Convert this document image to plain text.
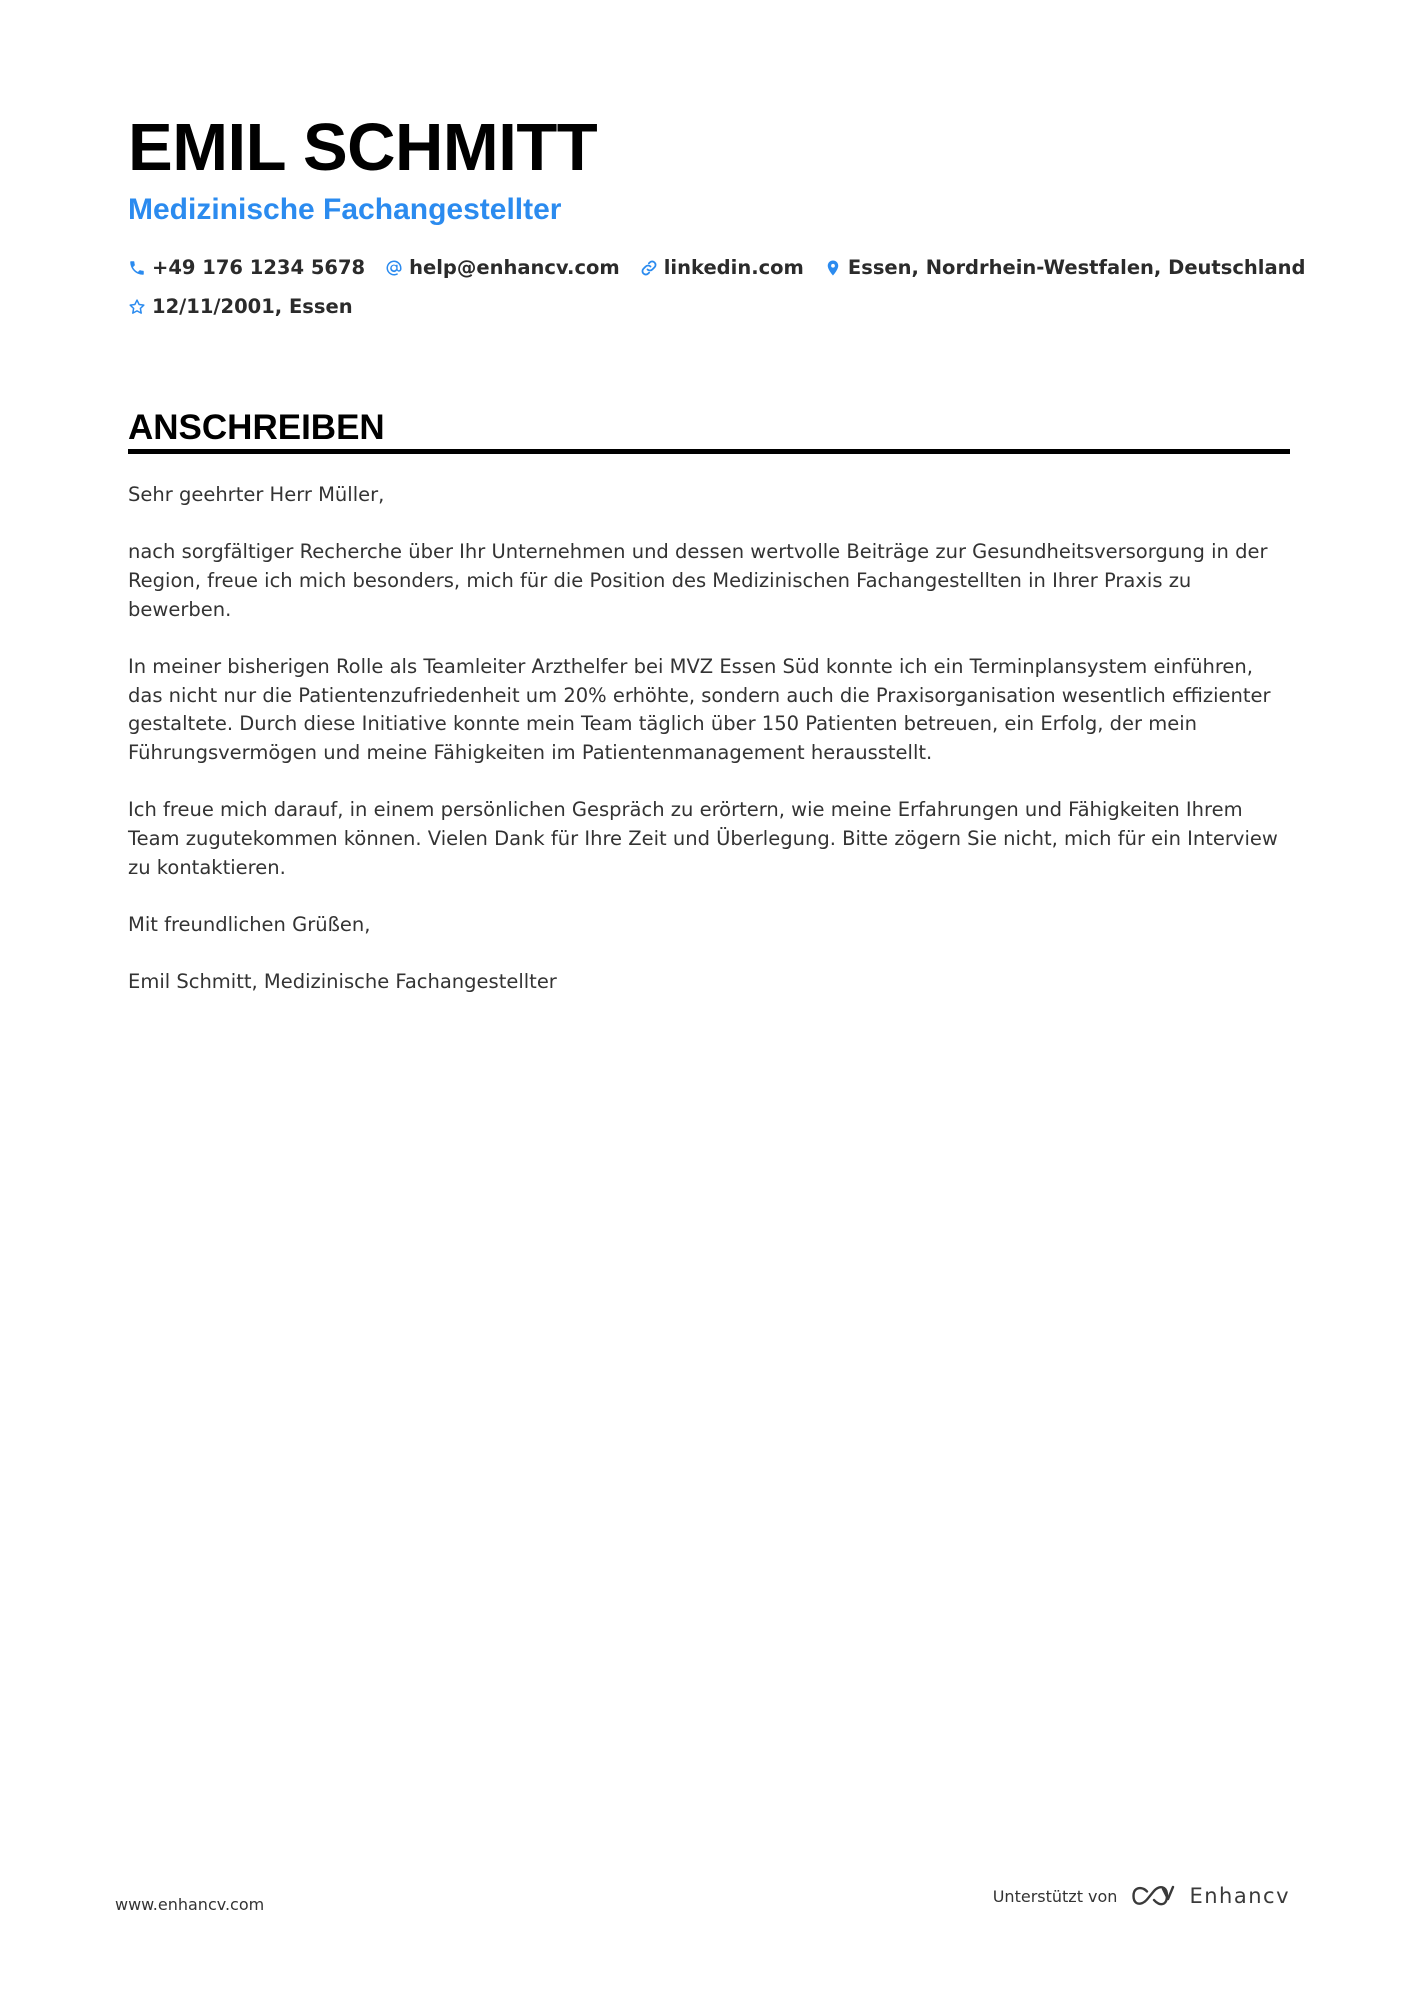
EMIL SCHMITT
Medizinische Fachangestellter
+49 176 1234 5678 help@enhancv.com linkedin.com Essen, Nordrhein-Westfalen, Deutschland
12/11/2001, Essen
ANSCHREIBEN

Sehr geehrter Herr Müller,

nach sorgfältiger Recherche über Ihr Unternehmen und dessen wertvolle Beiträge zur Gesundheitsversorgung in der Region, freue ich mich besonders, mich für die Position des Medizinischen Fachangestellten in Ihrer Praxis zu bewerben.

In meiner bisherigen Rolle als Teamleiter Arzthelfer bei MVZ Essen Süd konnte ich ein Terminplansystem einführen, das nicht nur die Patientenzufriedenheit um 20% erhöhte, sondern auch die Praxisorganisation wesentlich effizienter gestaltete. Durch diese Initiative konnte mein Team täglich über 150 Patienten betreuen, ein Erfolg, der mein Führungsvermögen und meine Fähigkeiten im Patientenmanagement herausstellt.

Ich freue mich darauf, in einem persönlichen Gespräch zu erörtern, wie meine Erfahrungen und Fähigkeiten Ihrem Team zugutekommen können. Vielen Dank für Ihre Zeit und Überlegung. Bitte zögern Sie nicht, mich für ein Interview zu kontaktieren.

Mit freundlichen Grüßen,

Emil Schmitt, Medizinische Fachangestellter

www.enhancv.com	Unterstützt von	Enhancv
